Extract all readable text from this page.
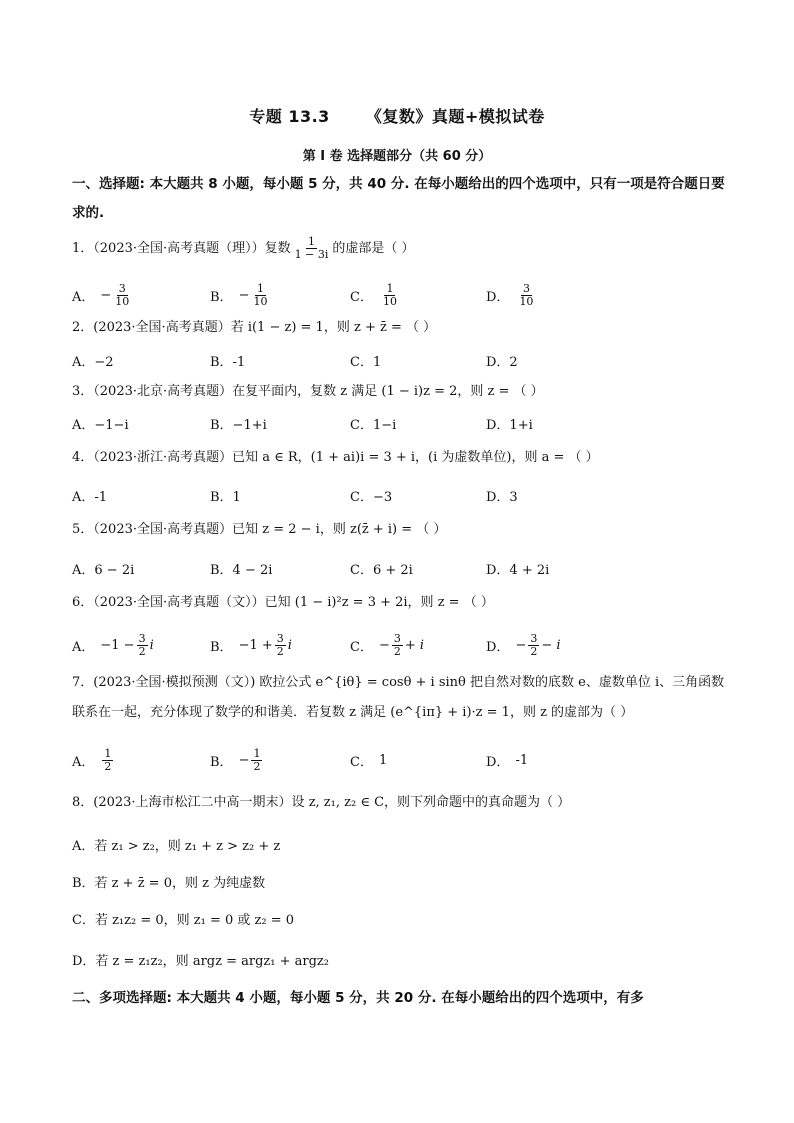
专题 13.3 《复数》真题+模拟试卷
第 I 卷 选择题部分（共 60 分）
一、选择题: 本大题共 8 小题，每小题 5 分，共 40 分. 在每小题给出的四个选项中，只有一项是符合题日要求的.
1．（2023·全国·高考真题（理））复数 $\frac{1}{1 - 3i}$ 的虚部是（ ）
A． − $\frac{3}{10}$	B． − $\frac{1}{10}$	C． $\frac{1}{10}$	D． $\frac{3}{10}$
2．(2023·全国·高考真题）若 i(1 − z) = 1，则 z + z̄ = （ ）
A．−2	B．-1	C．1	D．2
3．（2023·北京·高考真题）在复平面内，复数 z 满足 (1 − i)z = 2，则 z = （ ）
A．−1−i	B．−1+i	C．1−i	D．1+i
4．（2023·浙江·高考真题）已知 a ∈ R，(1 + ai)i = 3 + i，(i 为虚数单位)，则 a = （ ）
A．-1	B．1	C．−3	D．3
5．（2023·全国·高考真题）已知 z = 2 − i，则 z(z̄ + i) = （ ）
A．6 − 2i	B．4 − 2i	C．6 + 2i	D．4 + 2i
6．（2023·全国·高考真题（文））已知 (1 − i)²z = 3 + 2i，则 z = （ ）
A． $-1 - \frac{3}{2}$ i	B． $-1 + \frac{3}{2}$ i	C． − $\frac{3}{2} + i$	D． − $\frac{3}{2} - i$
7．(2023·全国·模拟预测（文）) 欧拉公式 e^{iθ} = cosθ + i sinθ 把自然对数的底数 e、虚数单位 i、三角函数联系在一起，充分体现了数学的和谐美．若复数 z 满足 (e^{iπ} + i)·z = 1，则 z 的虚部为（ ）
A． $\frac{1}{2}$	B． − $\frac{1}{2}$	C． 1	D． -1
8．(2023·上海市松江二中高一期末）设 z, z₁, z₂ ∈ C，则下列命题中的真命题为（ ）
A．若 z₁ > z₂，则 z₁ + z > z₂ + z
B．若 z + z̄ = 0，则 z 为纯虚数
C．若 z₁z₂ = 0，则 z₁ = 0 或 z₂ = 0
D．若 z = z₁z₂，则 argz = argz₁ + argz₂
二、多项选择题: 本大题共 4 小题，每小题 5 分，共 20 分. 在每小题给出的四个选项中，有多
